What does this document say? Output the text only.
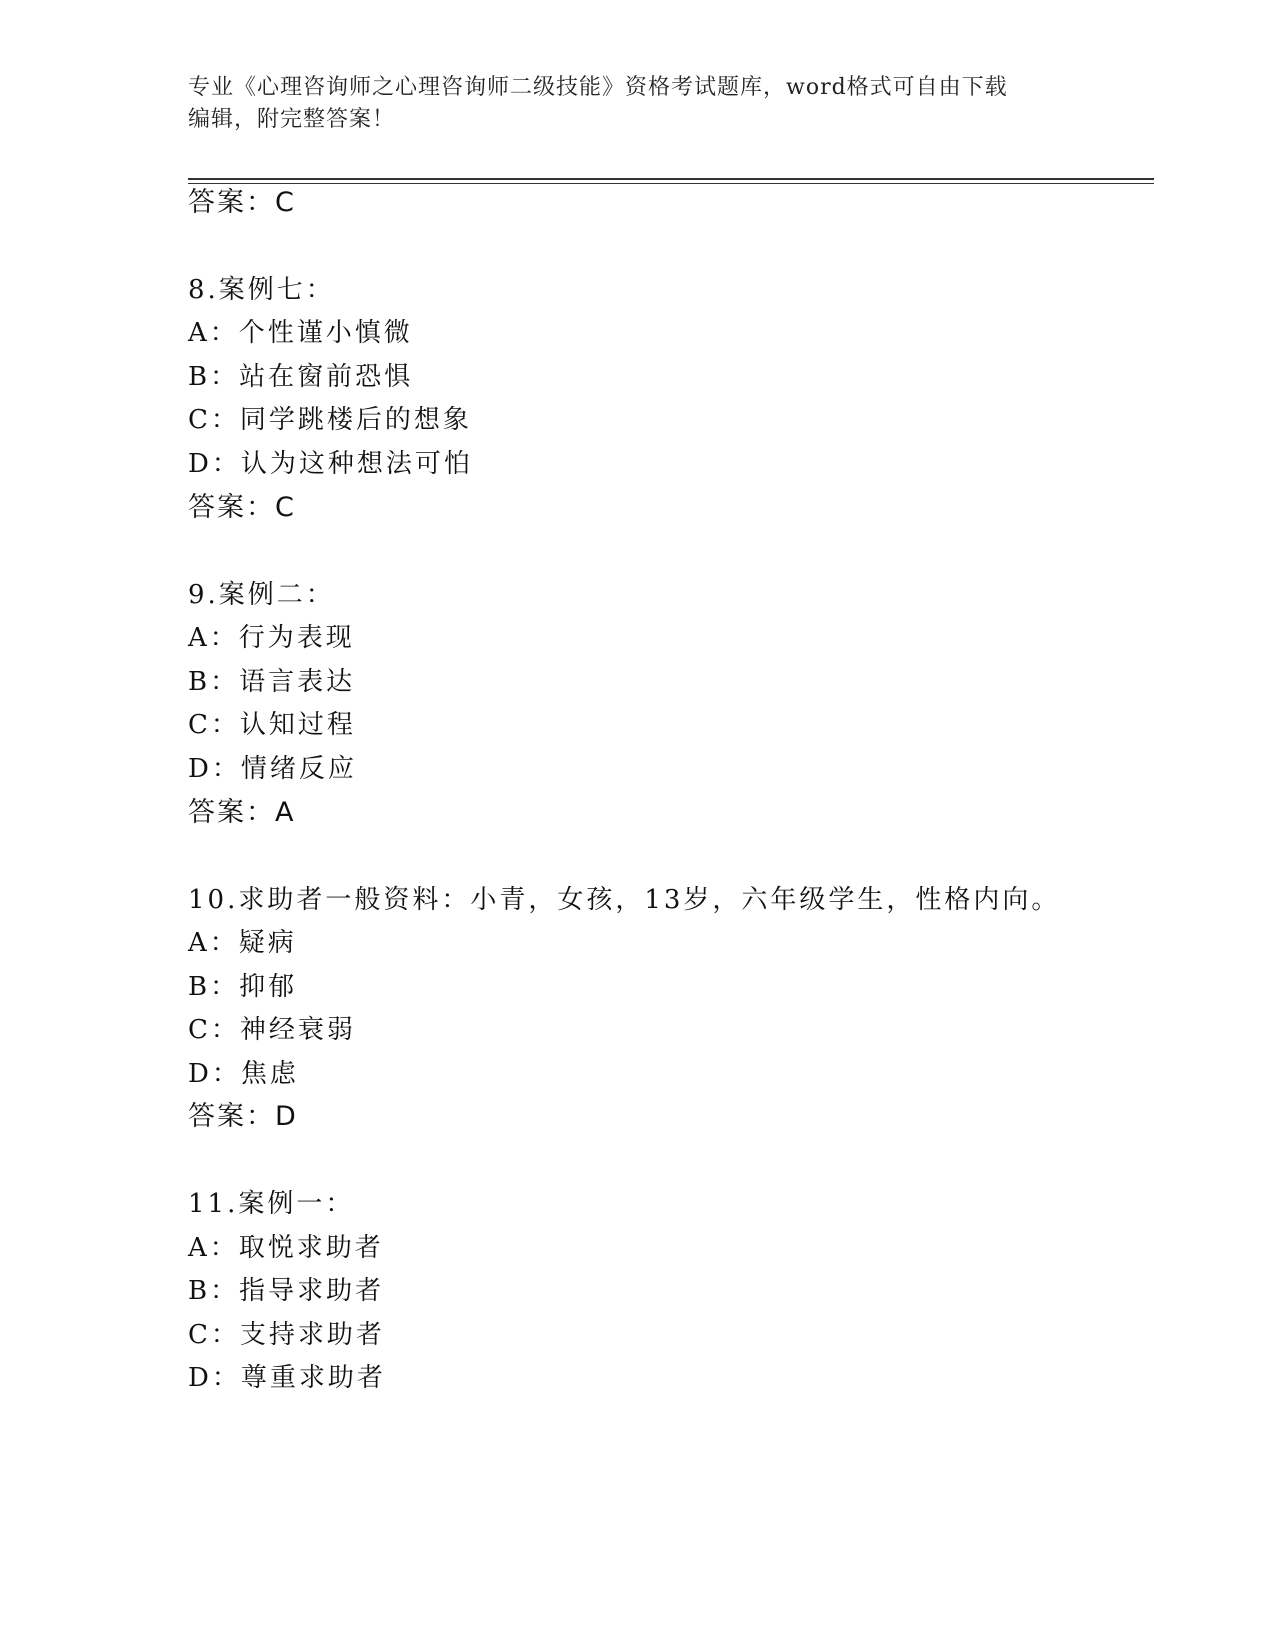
专业《心理咨询师之心理咨询师二级技能》资格考试题库，word格式可自由下载
编辑，附完整答案！
答案：C
8.案例七：
A：个性谨小慎微
B：站在窗前恐惧
C：同学跳楼后的想象
D：认为这种想法可怕
答案：C
9.案例二：
A：行为表现
B：语言表达
C：认知过程
D：情绪反应
答案：A
10.求助者一般资料：小青，女孩，13岁，六年级学生，性格内向。
A：疑病
B：抑郁
C：神经衰弱
D：焦虑
答案：D
11.案例一：
A：取悦求助者
B：指导求助者
C：支持求助者
D：尊重求助者
